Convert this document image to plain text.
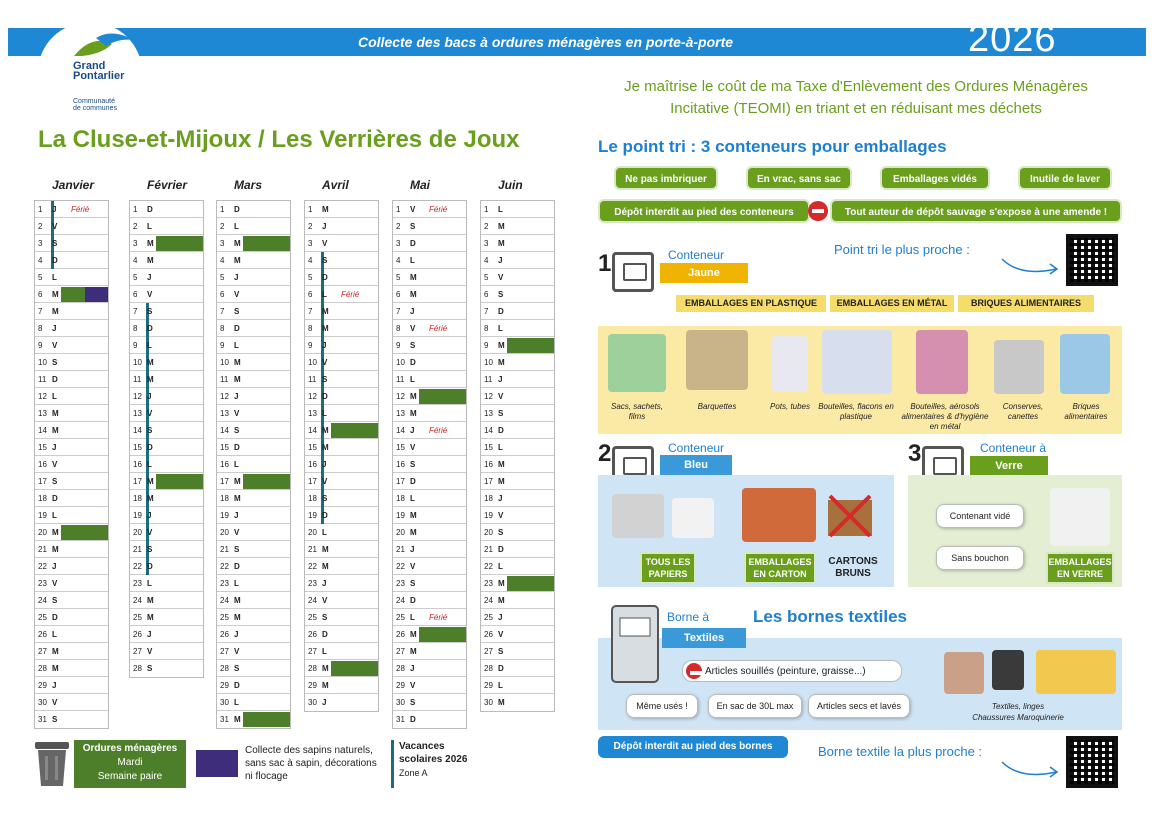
Collecte des bacs à ordures ménagères en porte-à-porte	2026
Grand
Pontarlier
Communauté
de communes
Je maîtrise le coût de ma Taxe d'Enlèvement des Ordures Ménagères
Incitative (TEOMI) en triant et en réduisant mes déchets
La Cluse-et-Mijoux / Les Verrières de Joux
Janvier
1	J Férié
2	V
3	S
4	D
5	L
6	M
7	M
8	J
9	V
10 S
11 D
12 L
13 M
14 M
15 J
16 V
17 S
18 D
19 L
20 M
21 M
22 J
23 V
24 S
25 D
26 L
27 M
28 M
29 J
30 V
31 S
Février
1	D
2	L
3	M
4	M
5	J
6	V
7	S
8	D
9	L
10 M
11 M
12 J
13 V
14 S
15 D
16 L
17 M
18 M
19 J
20 V
21 S
22 D
23 L
24 M
25 M
26 J
27 V
28 S
Mars
1	D
2	L
3	M
4	M
5	J
6	V
7	S
8	D
9	L
10 M
11 M
12 J
13 V
14 S
15 D
16 L
17 M
18 M
19 J
20 V
21 S
22 D
23 L
24 M
25 M
26 J
27 V
28 S
29 D
30 L
31 M
Avril
1	M
2	J
3	V
4	S
5	D
6	L Férié
7	M
8	M
9	J
10 V
11 S
12 D
13 L
14 M
15 M
16 J
17 V
18 S
19 D
20 L
21 M
22 M
23 J
24 V
25 S
26 D
27 L
28 M
29 M
30 J
Mai
1	V Férié
2	S
3	D
4	L
5	M
6	M
7	J
8	V Férié
9	S
10 D
11 L
12 M
13 M
14 J Férié
15 V
16 S
17 D
18 L
19 M
20 M
21 J
22 V
23 S
24 D
25 L Férié
26 M
27 M
28 J
29 V
30 S
31 D
Juin
1	L
2	M
3	M
4	J
5	V
6	S
7	D
8	L
9	M
10 M
11 J
12 V
13 S
14 D
15 L
16 M
17 M
18 J
19 V
20 S
21 D
22 L
23 M
24 M
25 J
26 V
27 S
28 D
29 L
30 M
Ordures ménagères
Mardi
Semaine paire
Collecte des sapins naturels, sans sac à sapin, décorations ni flocage
Vacances
scolaires 2026
Zone A
Le point tri : 3 conteneurs pour emballages
Ne pas imbriquer	En vrac, sans sac	Emballages vidés	Inutile de laver
Dépôt interdit au pied des conteneurs	Tout auteur de dépôt sauvage s'expose à une amende !
Point tri le plus proche :
1	Conteneur
Jaune
EMBALLAGES EN PLASTIQUE	EMBALLAGES EN MÉTAL	BRIQUES ALIMENTAIRES
Sacs, sachets, films
Barquettes	Pots, tubes	Bouteilles, flacons en plastique
Bouteilles, aérosols alimentaires & d'hygiène en métal
Conserves, canettes
Briques alimentaires
2	Conteneur
Bleu
TOUS LES PAPIERS
EMBALLAGES EN CARTON
CARTONS BRUNS
3	Conteneur à
Verre
Contenant vidé
Sans bouchon	EMBALLAGES EN VERRE
Borne à
Textiles
Les bornes textiles
Articles souillés (peinture, graisse...)
Même usés !	En sac de 30L max	Articles secs et lavés	Textiles, linges
Chaussures Maroquinerie
Dépôt interdit au pied des bornes	Borne textile la plus proche :
